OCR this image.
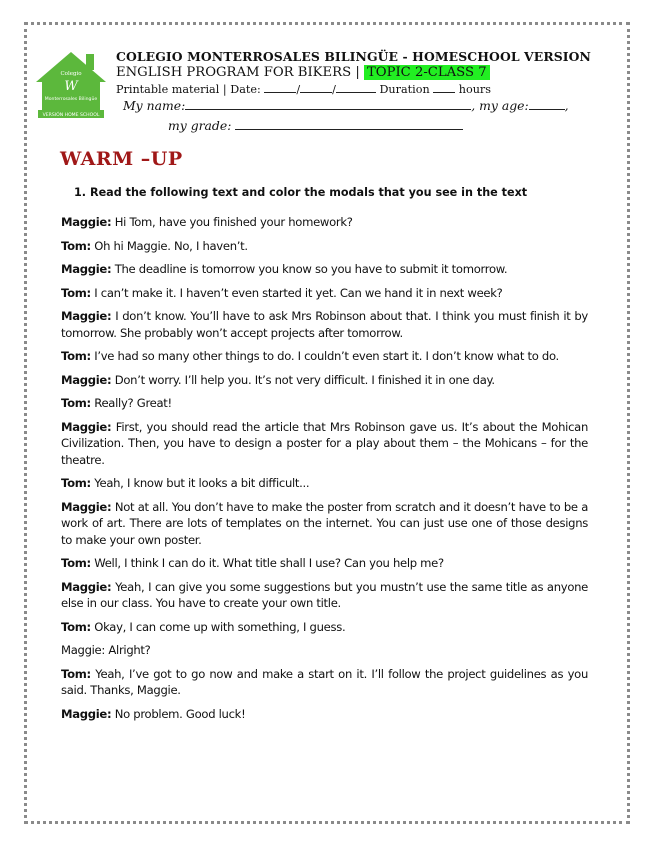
Colegio
W
Monterrosales Bilingüe
VERSIÓN HOME SCHOOL
COLEGIO MONTERROSALES BILINGÜE - HOMESCHOOL VERSION
ENGLISH PROGRAM FOR BIKERS | TOPIC 2-CLASS 7
Printable material | Date:	/	/	Duration	hours
My name:	, my age:	,
my grade:
WARM –UP
1. Read the following text and color the modals that you see in the text
Maggie: Hi Tom, have you finished your homework?
Tom: Oh hi Maggie. No, I haven’t.
Maggie: The deadline is tomorrow you know so you have to submit it tomorrow.
Tom: I can’t make it. I haven’t even started it yet. Can we hand it in next week?
Maggie: I don’t know. You’ll have to ask Mrs Robinson about that. I think you must finish it by tomorrow. She probably won’t accept projects after tomorrow.
Tom: I’ve had so many other things to do. I couldn’t even start it. I don’t know what to do.
Maggie: Don’t worry. I’ll help you. It’s not very difficult. I finished it in one day.
Tom: Really? Great!
Maggie: First, you should read the article that Mrs Robinson gave us. It’s about the Mohican Civilization. Then, you have to design a poster for a play about them – the Mohicans – for the theatre.
Tom: Yeah, I know but it looks a bit difficult...
Maggie: Not at all. You don’t have to make the poster from scratch and it doesn’t have to be a work of art. There are lots of templates on the internet. You can just use one of those designs to make your own poster.
Tom: Well, I think I can do it. What title shall I use? Can you help me?
Maggie: Yeah, I can give you some suggestions but you mustn’t use the same title as anyone else in our class. You have to create your own title.
Tom: Okay, I can come up with something, I guess.
Maggie: Alright?
Tom: Yeah, I’ve got to go now and make a start on it. I’ll follow the project guidelines as you said. Thanks, Maggie.
Maggie: No problem. Good luck!
